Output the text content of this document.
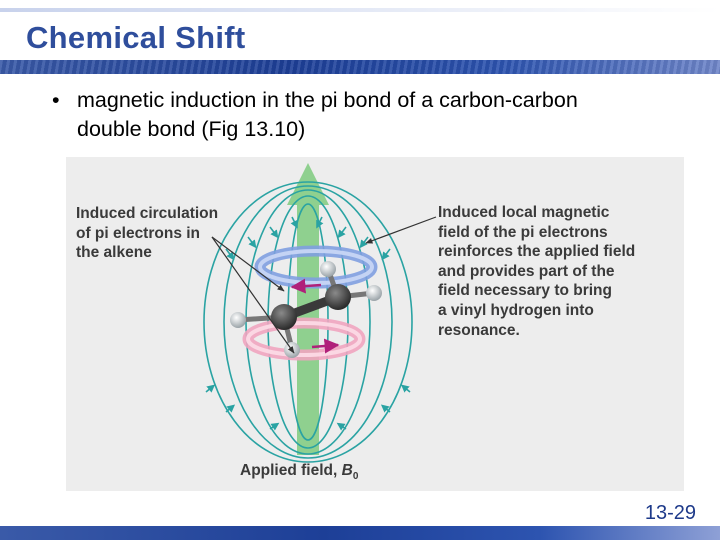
Chemical Shift
• magnetic induction in the pi bond of a carbon-carbon
double bond (Fig 13.10)
Induced circulation
of pi electrons in
the alkene
Induced local magnetic
field of the pi electrons
reinforces the applied field
and provides part of the
field necessary to bring
a vinyl hydrogen into
resonance.
Applied field, $B_0$
13-29
